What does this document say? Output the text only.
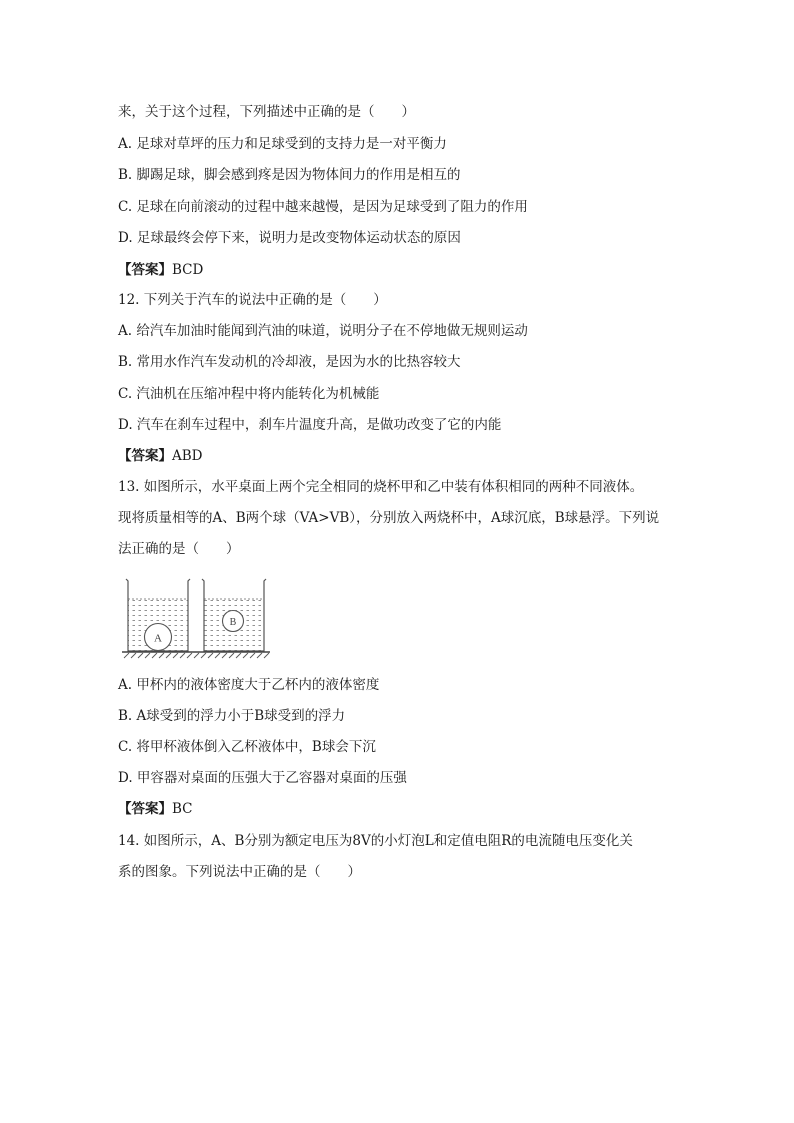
来，关于这个过程，下列描述中正确的是（　　）
A. 足球对草坪的压力和足球受到的支持力是一对平衡力
B. 脚踢足球，脚会感到疼是因为物体间力的作用是相互的
C. 足球在向前滚动的过程中越来越慢，是因为足球受到了阻力的作用
D. 足球最终会停下来，说明力是改变物体运动状态的原因
【答案】BCD
12. 下列关于汽车的说法中正确的是（　　）
A. 给汽车加油时能闻到汽油的味道，说明分子在不停地做无规则运动
B. 常用水作汽车发动机的冷却液，是因为水的比热容较大
C. 汽油机在压缩冲程中将内能转化为机械能
D. 汽车在刹车过程中，刹车片温度升高，是做功改变了它的内能
【答案】ABD
13. 如图所示，水平桌面上两个完全相同的烧杯甲和乙中装有体积相同的两种不同液体。
现将质量相等的A、B两个球（VA>VB），分别放入两烧杯中，A球沉底，B球悬浮。下列说
法正确的是（　　）
A
B
A. 甲杯内的液体密度大于乙杯内的液体密度
B. A球受到的浮力小于B球受到的浮力
C. 将甲杯液体倒入乙杯液体中，B球会下沉
D. 甲容器对桌面的压强大于乙容器对桌面的压强
【答案】BC
14. 如图所示，A、B分别为额定电压为8V的小灯泡L和定值电阻R的电流随电压变化关
系的图象。下列说法中正确的是（　　）
